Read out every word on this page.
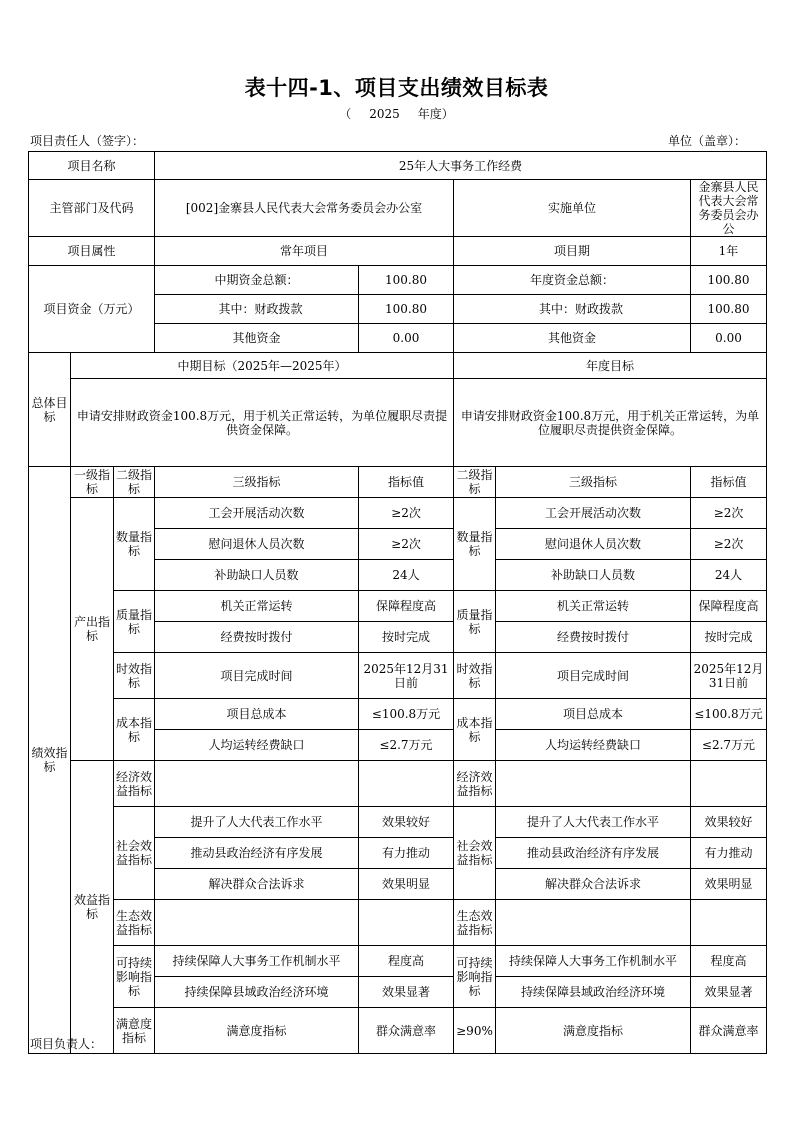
表十四-1、项目支出绩效目标表
（ 2025 年度）
项目责任人（签字）：	单位（盖章）：
项目名称			25年人大事务工作经费					
主管部门及代码			[002]金寨县人民代表大会常务委员会办公室		实施单位		金寨县人民代表大会常务委员会办公	
项目属性			常年项目		项目期		1年	
项目资金（万元）			中期资金总额：	100.80	年度资金总额：		100.80	
			其中：财政拨款	100.80	其中：财政拨款		100.80	
			其他资金	0.00	其他资金		0.00	
总体目标	中期目标（2025年—2025年）				年度目标			
	申请安排财政资金100.8万元，用于机关正常运转，为单位履职尽责提供资金保障。				申请安排财政资金100.8万元，用于机关正常运转，为单位履职尽责提供资金保障。			
绩效指标	一级指标	二级指标	三级指标	指标值	二级指标	三级指标	指标值	
	产出指标	数量指标	工会开展活动次数	≥2次	数量指标	工会开展活动次数	≥2次	
			慰问退休人员次数	≥2次		慰问退休人员次数	≥2次	
			补助缺口人员数	24人		补助缺口人员数	24人	
		质量指标	机关正常运转	保障程度高	质量指标	机关正常运转	保障程度高	
			经费按时拨付	按时完成		经费按时拨付	按时完成	
		时效指标	项目完成时间	2025年12月31日前	时效指标	项目完成时间	2025年12月31日前	
		成本指标	项目总成本	≤100.8万元	成本指标	项目总成本	≤100.8万元	
			人均运转经费缺口	≤2.7万元		人均运转经费缺口	≤2.7万元	
	效益指标	经济效益指标			经济效益指标			
		社会效益指标	提升了人大代表工作水平	效果较好	社会效益指标	提升了人大代表工作水平	效果较好	
			推动县政治经济有序发展	有力推动		推动县政治经济有序发展	有力推动	
			解决群众合法诉求	效果明显		解决群众合法诉求	效果明显	
		生态效益指标			生态效益指标			
		可持续影响指标	持续保障人大事务工作机制水平	程度高	可持续影响指标	持续保障人大事务工作机制水平	程度高	
			持续保障县域政治经济环境	效果显著		持续保障县域政治经济环境	效果显著	
		满意度指标	满意度指标	群众满意率	≥90%	满意度指标	群众满意率	
项目负责人：
